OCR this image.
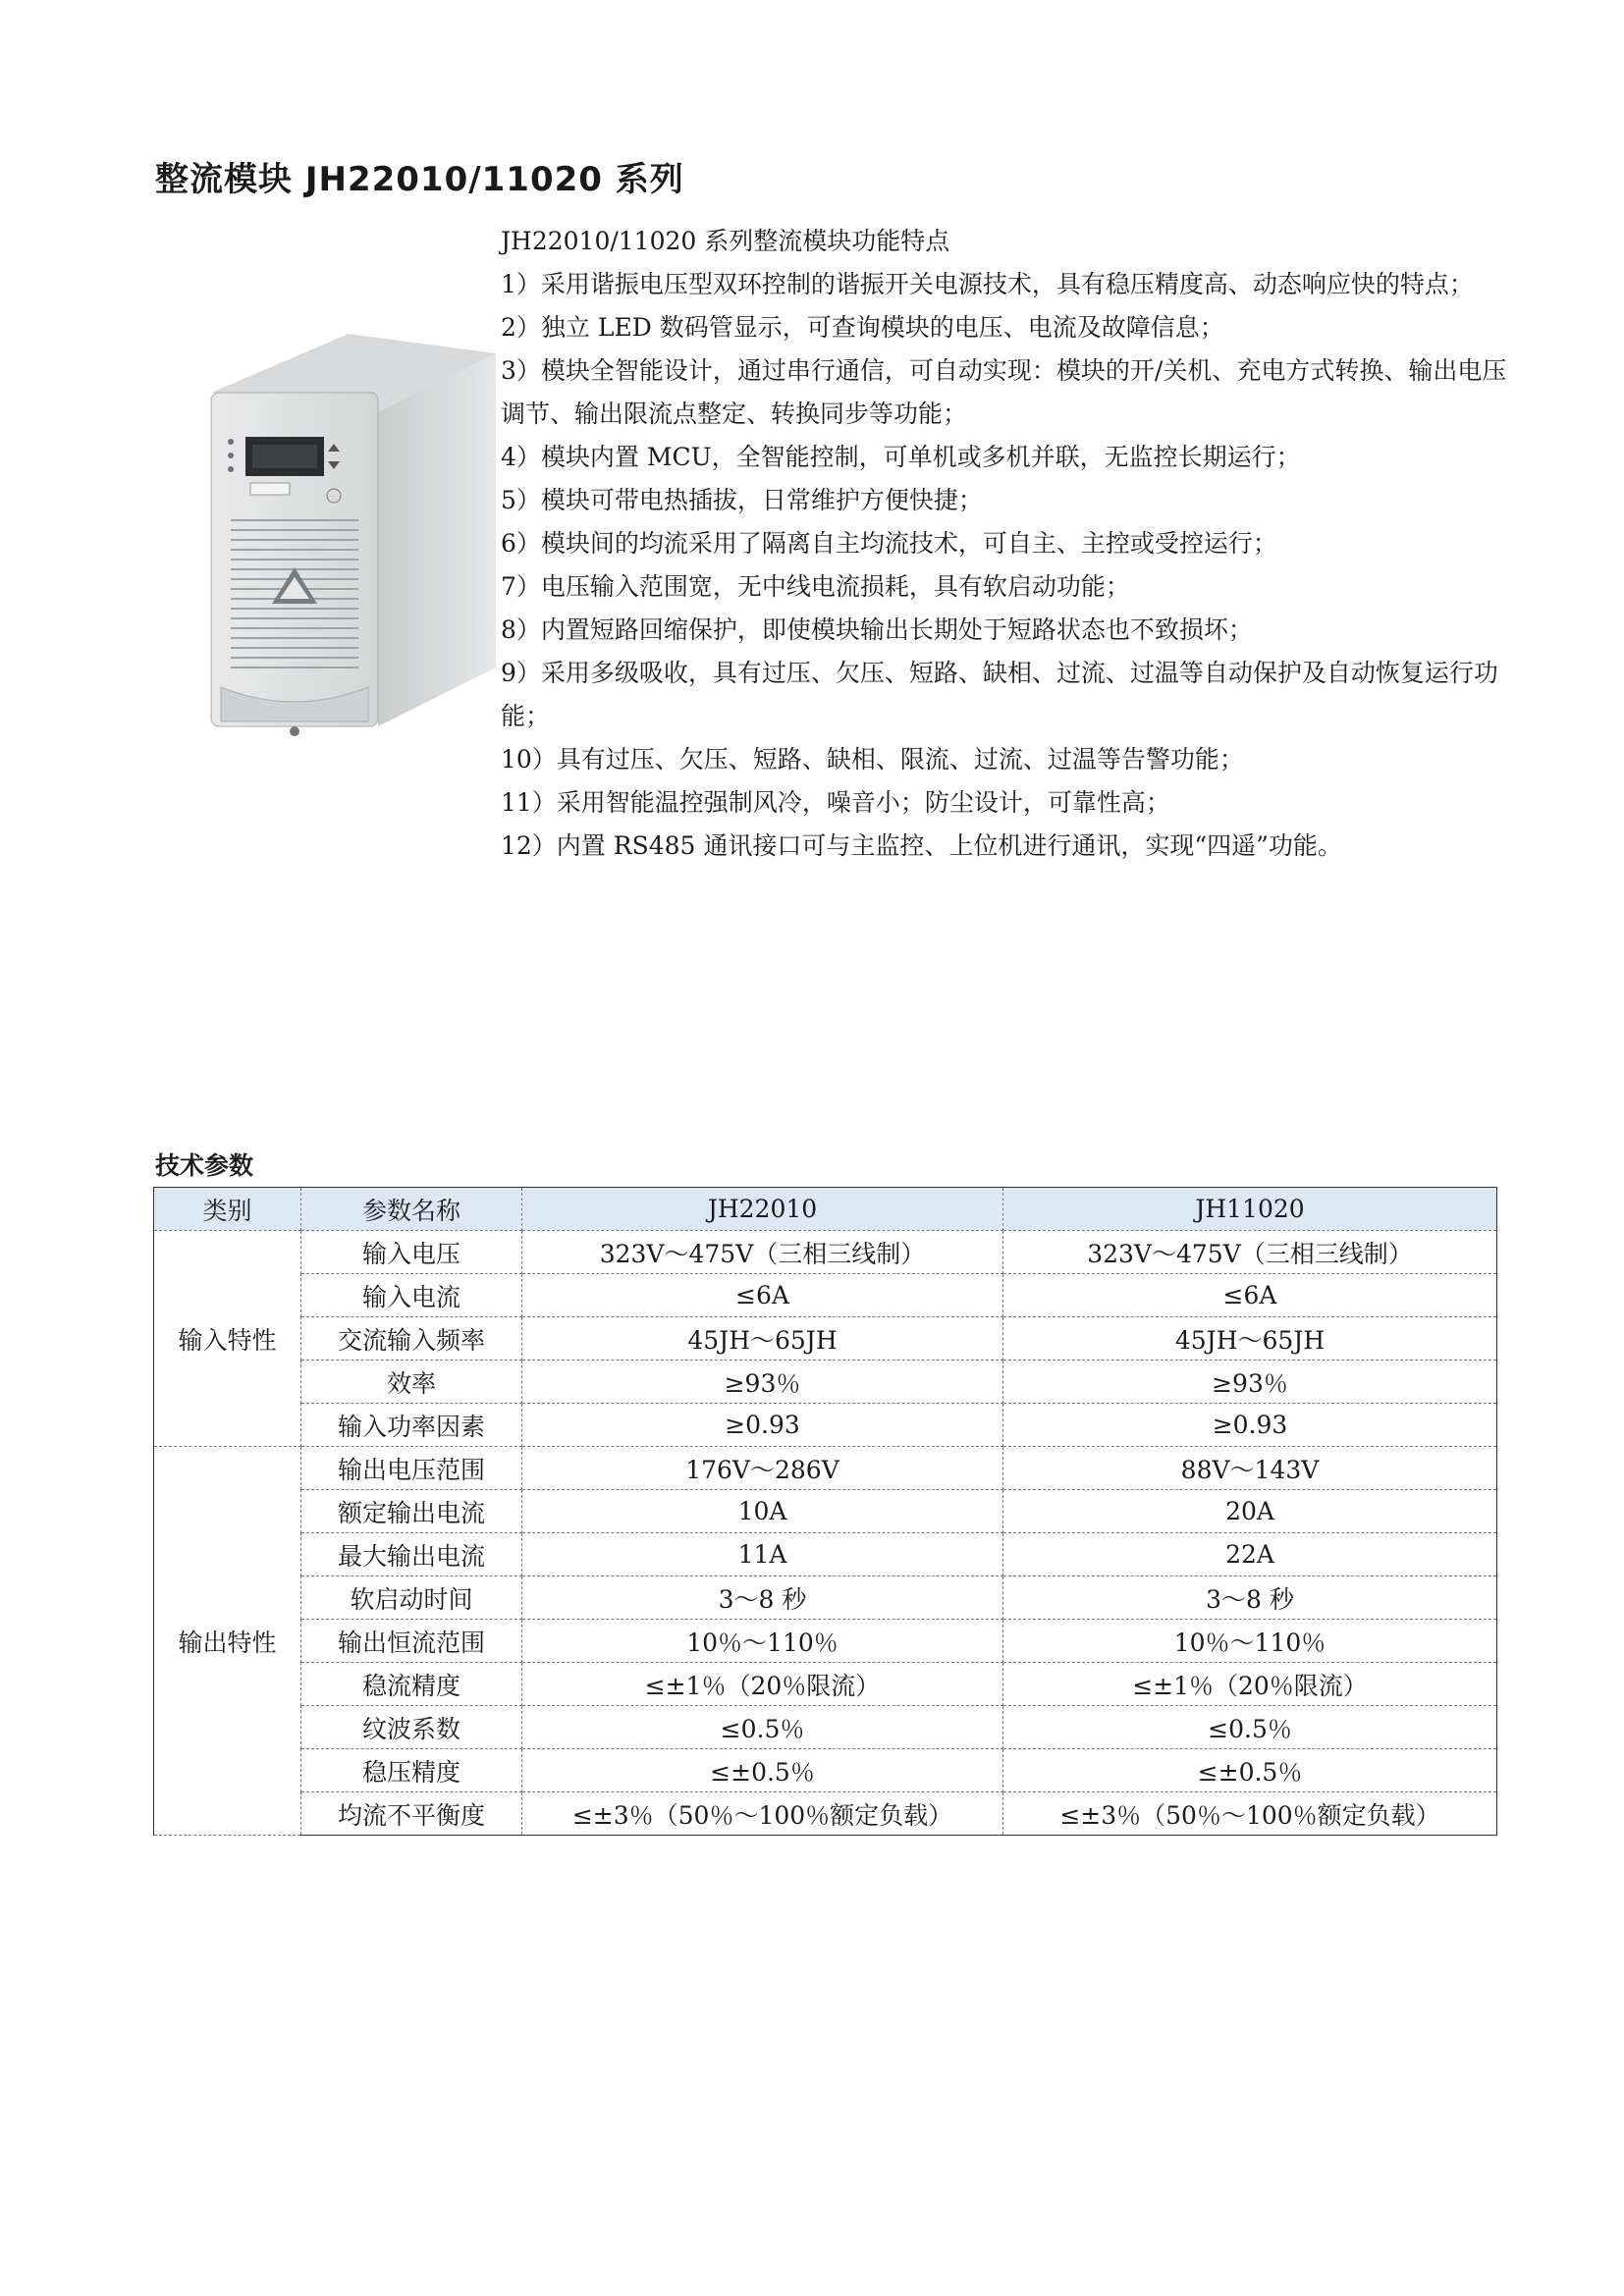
整流模块 JH22010/11020 系列

JH22010/11020 系列整流模块功能特点

1）采用谐振电压型双环控制的谐振开关电源技术，具有稳压精度高、动态响应快的特点；

2）独立 LED 数码管显示，可查询模块的电压、电流及故障信息；

3）模块全智能设计，通过串行通信，可自动实现：模块的开/关机、充电方式转换、输出电压调节、输出限流点整定、转换同步等功能；

4）模块内置 MCU，全智能控制，可单机或多机并联，无监控长期运行；

5）模块可带电热插拔，日常维护方便快捷；

6）模块间的均流采用了隔离自主均流技术，可自主、主控或受控运行；

7）电压输入范围宽，无中线电流损耗，具有软启动功能；

8）内置短路回缩保护，即使模块输出长期处于短路状态也不致损坏；

9）采用多级吸收，具有过压、欠压、短路、缺相、过流、过温等自动保护及自动恢复运行功能；

10）具有过压、欠压、短路、缺相、限流、过流、过温等告警功能；

11）采用智能温控强制风冷，噪音小；防尘设计，可靠性高；

12）内置 RS485 通讯接口可与主监控、上位机进行通讯，实现“四遥”功能。

技术参数
类别	参数名称	JH22010	JH11020
输入特性	输入电压	323V～475V（三相三线制）	323V～475V（三相三线制）
	输入电流	≤6A	≤6A
	交流输入频率	45JH～65JH	45JH～65JH
	效率	≥93％	≥93％
	输入功率因素	≥0.93	≥0.93
输出特性	输出电压范围	176V～286V	88V～143V
	额定输出电流	10A	20A
	最大输出电流	11A	22A
	软启动时间	3～8 秒	3～8 秒
	输出恒流范围	10％～110％	10％～110％
	稳流精度	≤±1％（20％限流）	≤±1％（20％限流）
	纹波系数	≤0.5％	≤0.5％
	稳压精度	≤±0.5％	≤±0.5％
	均流不平衡度	≤±3％（50％～100％额定负载）	≤±3％（50％～100％额定负载）
